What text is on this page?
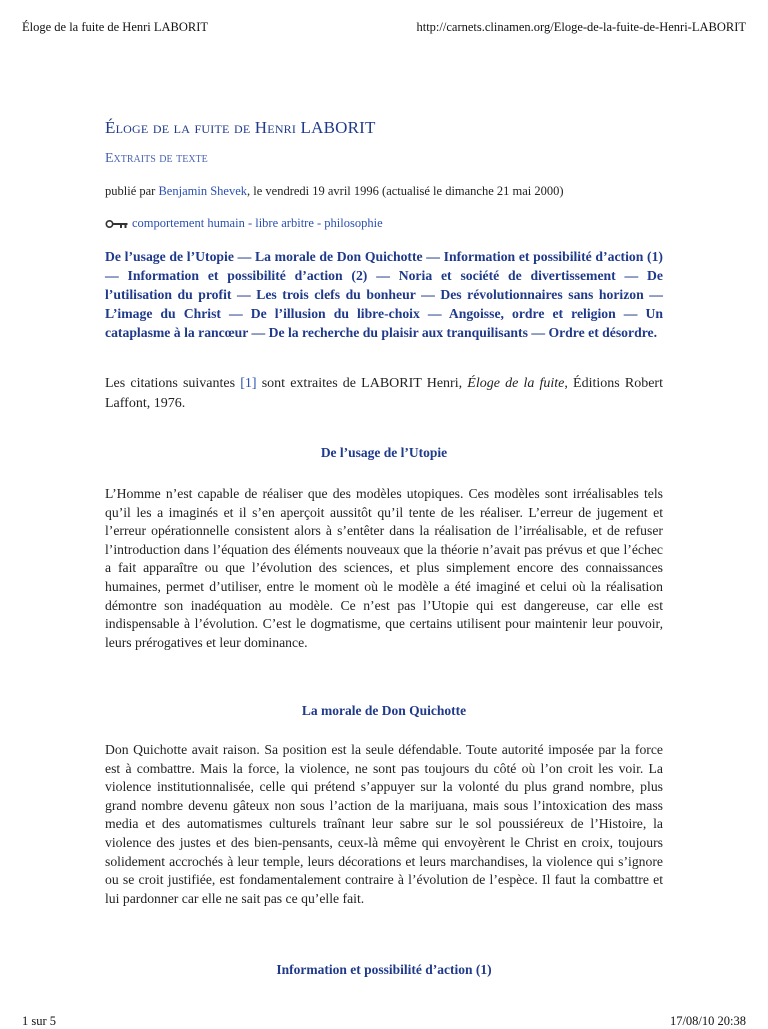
Éloge de la fuite de Henri LABORIT	http://carnets.clinamen.org/Eloge-de-la-fuite-de-Henri-LABORIT
Éloge de la fuite de Henri LABORIT
Extraits de texte
publié par Benjamin Shevek, le vendredi 19 avril 1996 (actualisé le dimanche 21 mai 2000)
comportement humain - libre arbitre - philosophie

De l’usage de l’Utopie — La morale de Don Quichotte — Information et possibilité d’action (1) — Information et possibilité d’action (2) — Noria et société de divertissement — De l’utilisation du profit — Les trois clefs du bonheur — Des révolutionnaires sans horizon — L’image du Christ — De l’illusion du libre-choix — Angoisse, ordre et religion — Un cataplasme à la rancœur — De la recherche du plaisir aux tranquilisants — Ordre et désordre.

Les citations suivantes [1] sont extraites de LABORIT Henri, Éloge de la fuite, Éditions Robert Laffont, 1976.

De l’usage de l’Utopie

L’Homme n’est capable de réaliser que des modèles utopiques. Ces modèles sont irréalisables tels qu’il les a imaginés et il s’en aperçoit aussitôt qu’il tente de les réaliser. L’erreur de jugement et l’erreur opérationnelle consistent alors à s’entêter dans la réalisation de l’irréalisable, et de refuser l’introduction dans l’équation des éléments nouveaux que la théorie n’avait pas prévus et que l’échec a fait apparaître ou que l’évolution des sciences, et plus simplement encore des connaissances humaines, permet d’utiliser, entre le moment où le modèle a été imaginé et celui où la réalisation démontre son inadéquation au modèle. Ce n’est pas l’Utopie qui est dangereuse, car elle est indispensable à l’évolution. C’est le dogmatisme, que certains utilisent pour maintenir leur pouvoir, leurs prérogatives et leur dominance.

La morale de Don Quichotte

Don Quichotte avait raison. Sa position est la seule défendable. Toute autorité imposée par la force est à combattre. Mais la force, la violence, ne sont pas toujours du côté où l’on croit les voir. La violence institutionnalisée, celle qui prétend s’appuyer sur la volonté du plus grand nombre, plus grand nombre devenu gâteux non sous l’action de la marijuana, mais sous l’intoxication des mass media et des automatismes culturels traînant leur sabre sur le sol poussiéreux de l’Histoire, la violence des justes et des bien-pensants, ceux-là même qui envoyèrent le Christ en croix, toujours solidement accrochés à leur temple, leurs décorations et leurs marchandises, la violence qui s’ignore ou se croit justifiée, est fondamentalement contraire à l’évolution de l’espèce. Il faut la combattre et lui pardonner car elle ne sait pas ce qu’elle fait.

Information et possibilité d’action (1)
1 sur 5	17/08/10 20:38
